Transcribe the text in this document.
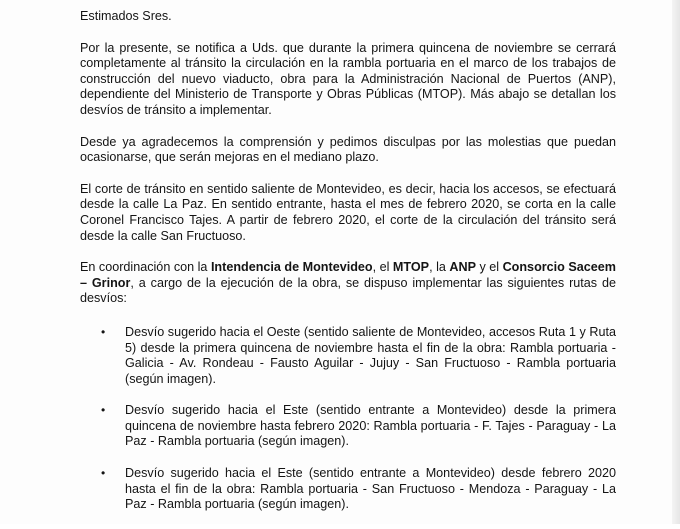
Estimados Sres.

Por la presente, se notifica a Uds. que durante la primera quincena de noviembre se cerrará completamente al tránsito la circulación en la rambla portuaria en el marco de los trabajos de construcción del nuevo viaducto, obra para la Administración Nacional de Puertos (ANP), dependiente del Ministerio de Transporte y Obras Públicas (MTOP). Más abajo se detallan los desvíos de tránsito a implementar.

Desde ya agradecemos la comprensión y pedimos disculpas por las molestias que puedan ocasionarse, que serán mejoras en el mediano plazo.

El corte de tránsito en sentido saliente de Montevideo, es decir, hacia los accesos, se efectuará desde la calle La Paz. En sentido entrante, hasta el mes de febrero 2020, se corta en la calle Coronel Francisco Tajes. A partir de febrero 2020, el corte de la circulación del tránsito será desde la calle San Fructuoso.

En coordinación con la Intendencia de Montevideo, el MTOP, la ANP y el Consorcio Saceem – Grinor, a cargo de la ejecución de la obra, se dispuso implementar las siguientes rutas de desvíos:

• Desvío sugerido hacia el Oeste (sentido saliente de Montevideo, accesos Ruta 1 y Ruta 5) desde la primera quincena de noviembre hasta el fin de la obra: Rambla portuaria - Galicia - Av. Rondeau - Fausto Aguilar - Jujuy - San Fructuoso - Rambla portuaria (según imagen).
• Desvío sugerido hacia el Este (sentido entrante a Montevideo) desde la primera quincena de noviembre hasta febrero 2020: Rambla portuaria - F. Tajes - Paraguay - La Paz - Rambla portuaria (según imagen).
• Desvío sugerido hacia el Este (sentido entrante a Montevideo) desde febrero 2020 hasta el fin de la obra: Rambla portuaria - San Fructuoso - Mendoza - Paraguay - La Paz - Rambla portuaria (según imagen).
